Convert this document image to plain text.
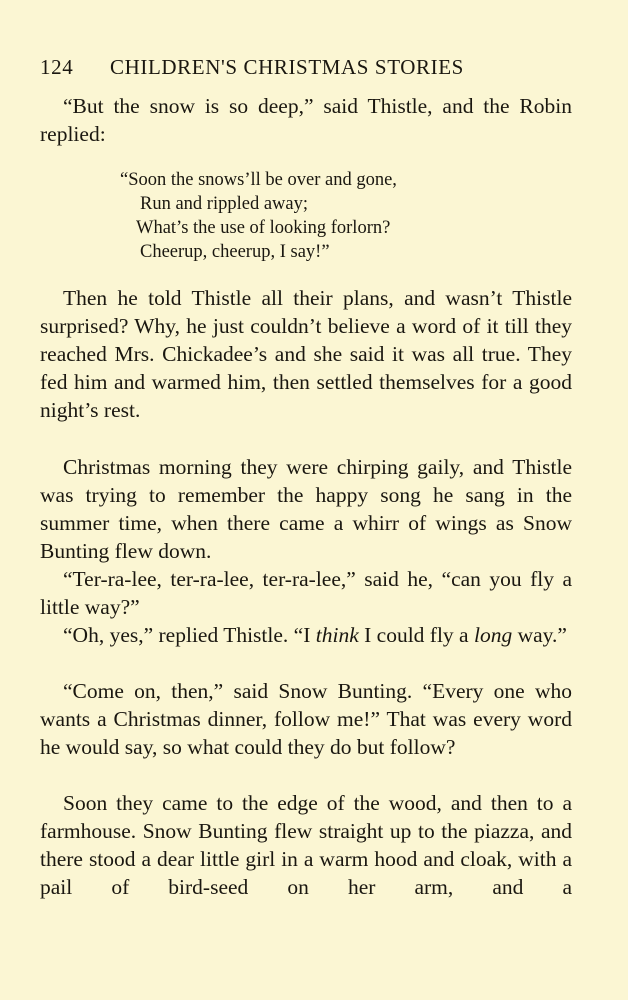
124 CHILDREN'S CHRISTMAS STORIES

“But the snow is so deep,” said Thistle, and the Robin replied:

“Soon the snows’ll be over and gone,
Run and rippled away;
What’s the use of looking forlorn?
Cheerup, cheerup, I say!”

Then he told Thistle all their plans, and wasn’t Thistle surprised? Why, he just couldn’t believe a word of it till they reached Mrs. Chickadee’s and she said it was all true. They fed him and warmed him, then settled themselves for a good night’s rest.

Christmas morning they were chirping gaily, and Thistle was trying to remember the happy song he sang in the summer time, when there came a whirr of wings as Snow Bunting flew down.

“Ter-ra-lee, ter-ra-lee, ter-ra-lee,” said he, “can you fly a little way?”

“Oh, yes,” replied Thistle. “I think I could fly a long way.”

“Come on, then,” said Snow Bunting. “Every one who wants a Christmas dinner, follow me!” That was every word he would say, so what could they do but follow?

Soon they came to the edge of the wood, and then to a farmhouse. Snow Bunting flew straight up to the piazza, and there stood a dear little girl in a warm hood and cloak, with a pail of bird-seed on her arm, and a
